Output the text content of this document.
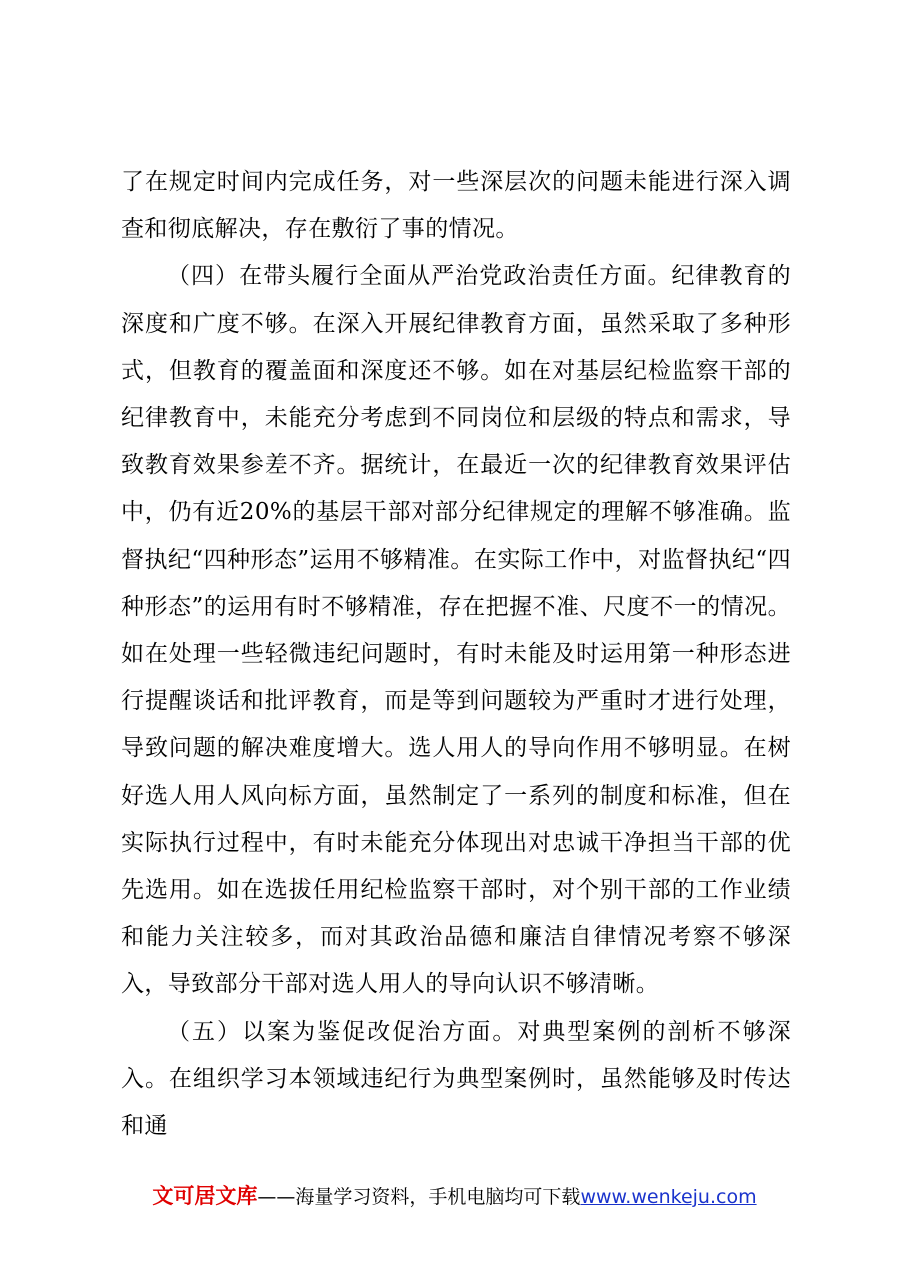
了在规定时间内完成任务，对一些深层次的问题未能进行深入调查和彻底解决，存在敷衍了事的情况。

（四）在带头履行全面从严治党政治责任方面。纪律教育的深度和广度不够。在深入开展纪律教育方面，虽然采取了多种形式，但教育的覆盖面和深度还不够。如在对基层纪检监察干部的纪律教育中，未能充分考虑到不同岗位和层级的特点和需求，导致教育效果参差不齐。据统计，在最近一次的纪律教育效果评估中，仍有近20%的基层干部对部分纪律规定的理解不够准确。监督执纪“四种形态”运用不够精准。在实际工作中，对监督执纪“四种形态”的运用有时不够精准，存在把握不准、尺度不一的情况。如在处理一些轻微违纪问题时，有时未能及时运用第一种形态进行提醒谈话和批评教育，而是等到问题较为严重时才进行处理，导致问题的解决难度增大。选人用人的导向作用不够明显。在树好选人用人风向标方面，虽然制定了一系列的制度和标准，但在实际执行过程中，有时未能充分体现出对忠诚干净担当干部的优先选用。如在选拔任用纪检监察干部时，对个别干部的工作业绩和能力关注较多，而对其政治品德和廉洁自律情况考察不够深入，导致部分干部对选人用人的导向认识不够清晰。

（五）以案为鉴促改促治方面。对典型案例的剖析不够深入。在组织学习本领域违纪行为典型案例时，虽然能够及时传达和通

文可居文库——海量学习资料，手机电脑均可下载www.wenkeju.com
